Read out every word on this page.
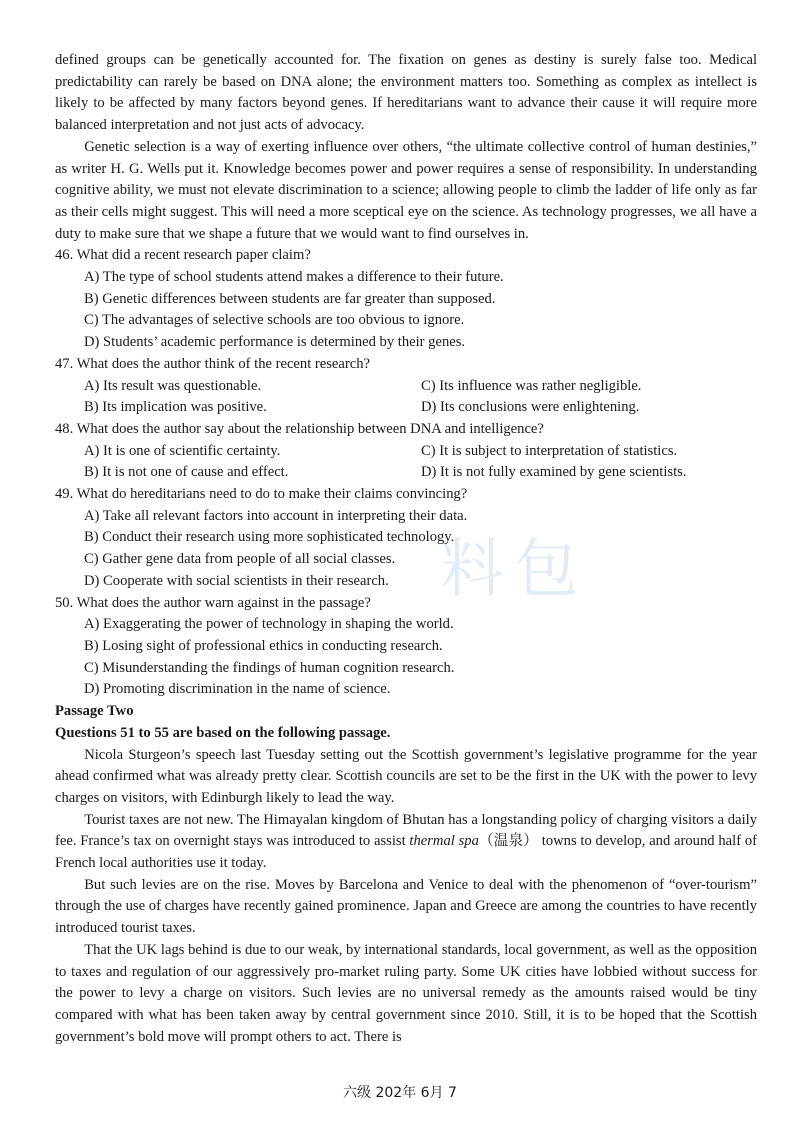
料包

defined groups can be genetically accounted for. The fixation on genes as destiny is surely false too. Medical predictability can rarely be based on DNA alone; the environment matters too. Something as complex as intellect is likely to be affected by many factors beyond genes. If hereditarians want to advance their cause it will require more balanced interpretation and not just acts of advocacy.

Genetic selection is a way of exerting influence over others, “the ultimate collective control of human destinies,” as writer H. G. Wells put it. Knowledge becomes power and power requires a sense of responsibility. In understanding cognitive ability, we must not elevate discrimination to a science; allowing people to climb the ladder of life only as far as their cells might suggest. This will need a more sceptical eye on the science. As technology progresses, we all have a duty to make sure that we shape a future that we would want to find ourselves in.

46. What did a recent research paper claim?
A) The type of school students attend makes a difference to their future.
B) Genetic differences between students are far greater than supposed.
C) The advantages of selective schools are too obvious to ignore.
D) Students’ academic performance is determined by their genes.
47. What does the author think of the recent research?
A) Its result was questionable.	C) Its influence was rather negligible.
B) Its implication was positive.	D) Its conclusions were enlightening.
48. What does the author say about the relationship between DNA and intelligence?
A) It is one of scientific certainty.	C) It is subject to interpretation of statistics.
B) It is not one of cause and effect.	D) It is not fully examined by gene scientists.
49. What do hereditarians need to do to make their claims convincing?
A) Take all relevant factors into account in interpreting their data.
B) Conduct their research using more sophisticated technology.
C) Gather gene data from people of all social classes.
D) Cooperate with social scientists in their research.
50. What does the author warn against in the passage?
A) Exaggerating the power of technology in shaping the world.
B) Losing sight of professional ethics in conducting research.
C) Misunderstanding the findings of human cognition research.
D) Promoting discrimination in the name of science.
Passage Two
Questions 51 to 55 are based on the following passage.

Nicola Sturgeon’s speech last Tuesday setting out the Scottish government’s legislative programme for the year ahead confirmed what was already pretty clear. Scottish councils are set to be the first in the UK with the power to levy charges on visitors, with Edinburgh likely to lead the way.

Tourist taxes are not new. The Himayalan kingdom of Bhutan has a longstanding policy of charging visitors a daily fee. France’s tax on overnight stays was introduced to assist thermal spa（温泉） towns to develop, and around half of French local authorities use it today.

But such levies are on the rise. Moves by Barcelona and Venice to deal with the phenomenon of “over-tourism” through the use of charges have recently gained prominence. Japan and Greece are among the countries to have recently introduced tourist taxes.

That the UK lags behind is due to our weak, by international standards, local government, as well as the opposition to taxes and regulation of our aggressively pro-market ruling party. Some UK cities have lobbied without success for the power to levy a charge on visitors. Such levies are no universal remedy as the amounts raised would be tiny compared with what has been taken away by central government since 2010. Still, it is to be hoped that the Scottish government’s bold move will prompt others to act. There is

六级 202年 6月 7
